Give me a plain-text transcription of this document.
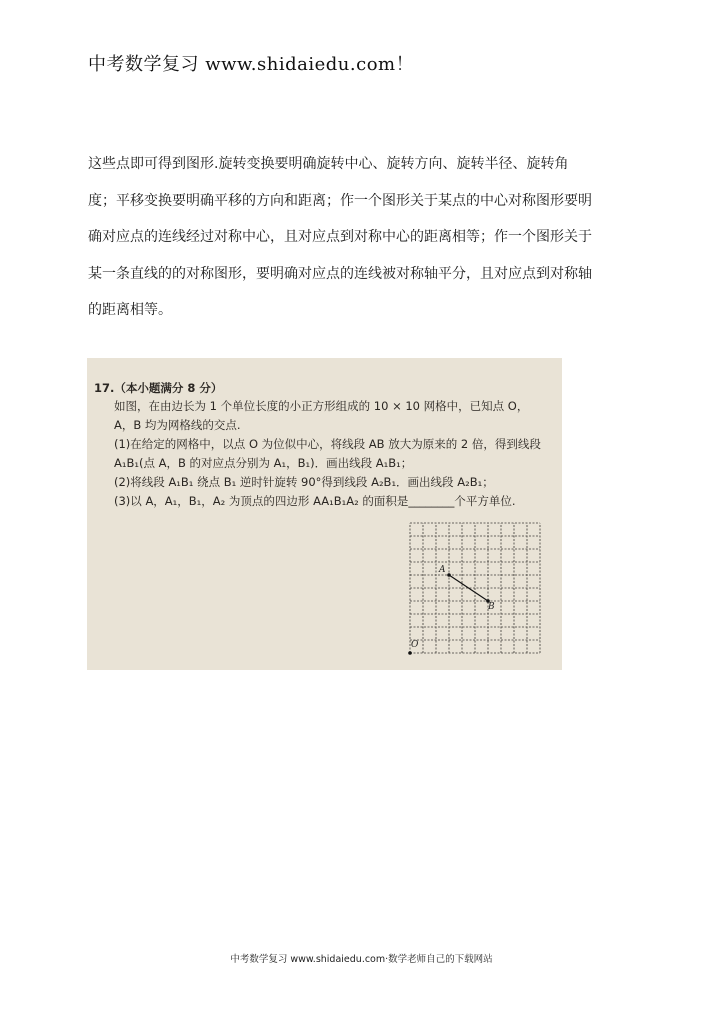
中考数学复习 www.shidaiedu.com！

这些点即可得到图形.旋转变换要明确旋转中心、旋转方向、旋转半径、旋转角

度；平移变换要明确平移的方向和距离；作一个图形关于某点的中心对称图形要明

确对应点的连线经过对称中心，且对应点到对称中心的距离相等；作一个图形关于

某一条直线的的对称图形，要明确对应点的连线被对称轴平分，且对应点到对称轴

的距离相等。

17.（本小题满分 8 分）
如图，在由边长为 1 个单位长度的小正方形组成的 10 × 10 网格中，已知点 O，
A，B 均为网格线的交点.
(1)在给定的网格中，以点 O 为位似中心，将线段 AB 放大为原来的 2 倍，得到线段
A₁B₁(点 A，B 的对应点分别为 A₁，B₁)．画出线段 A₁B₁；
(2)将线段 A₁B₁ 绕点 B₁ 逆时针旋转 90°得到线段 A₂B₁．画出线段 A₂B₁；
(3)以 A，A₁，B₁，A₂ 为顶点的四边形 AA₁B₁A₂ 的面积是________个平方单位.
O
A
B
中考数学复习 www.shidaiedu.com·数学老师自己的下载网站
